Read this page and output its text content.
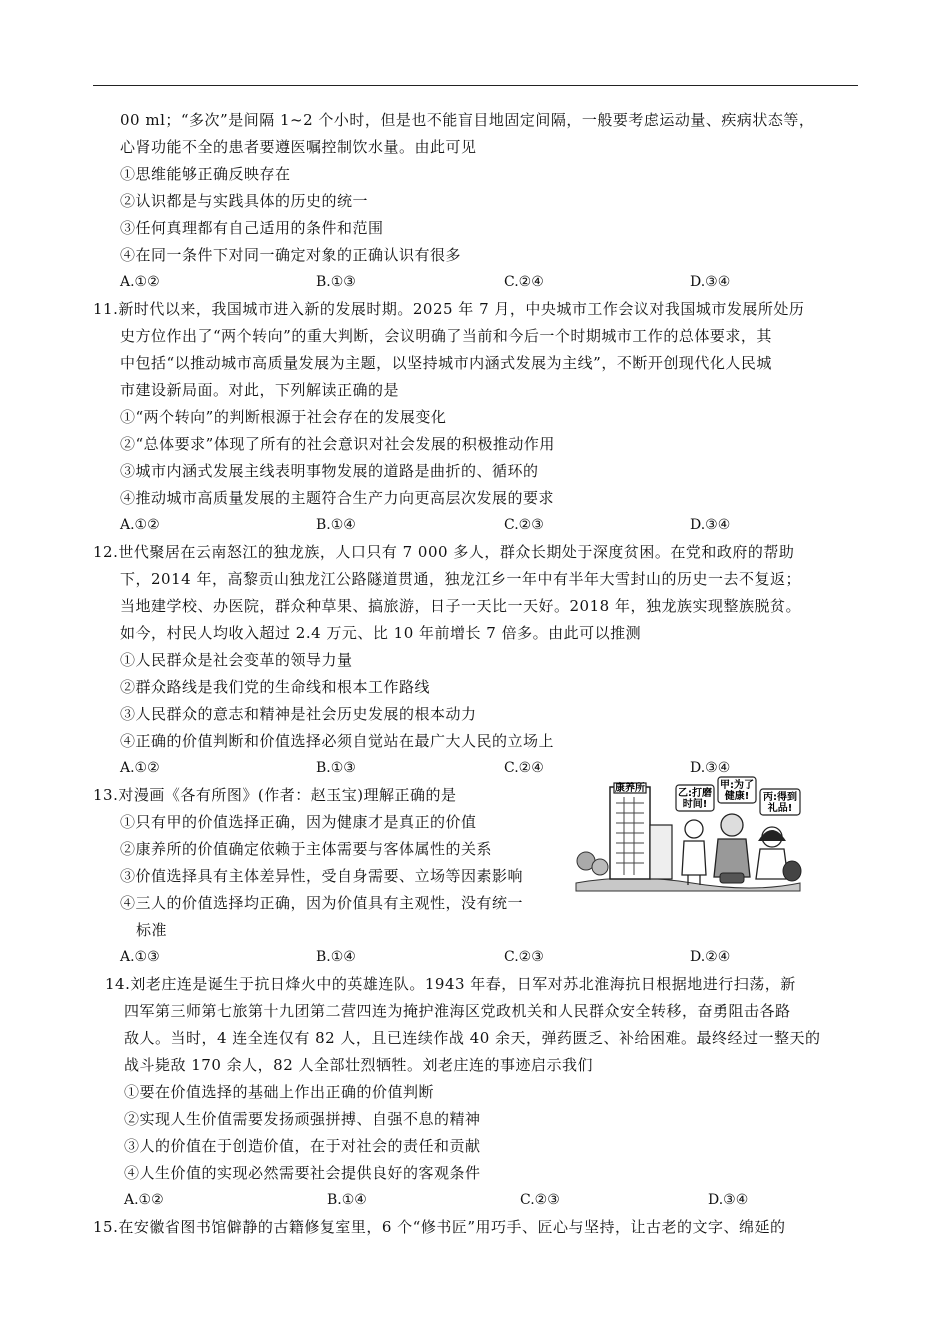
00 ml；“多次”是间隔 1~2 个小时，但是也不能盲目地固定间隔，一般要考虑运动量、疾病状态等，
心肾功能不全的患者要遵医嘱控制饮水量。由此可见
①思维能够正确反映存在
②认识都是与实践具体的历史的统一
③任何真理都有自己适用的条件和范围
④在同一条件下对同一确定对象的正确认识有很多
A.①②	B.①③	C.②④	D.③④
11.新时代以来，我国城市进入新的发展时期。2025 年 7 月，中央城市工作会议对我国城市发展所处历
史方位作出了“两个转向”的重大判断，会议明确了当前和今后一个时期城市工作的总体要求，其
中包括“以推动城市高质量发展为主题，以坚持城市内涵式发展为主线”，不断开创现代化人民城
市建设新局面。对此，下列解读正确的是
①“两个转向”的判断根源于社会存在的发展变化
②“总体要求”体现了所有的社会意识对社会发展的积极推动作用
③城市内涵式发展主线表明事物发展的道路是曲折的、循环的
④推动城市高质量发展的主题符合生产力向更高层次发展的要求
A.①②	B.①④	C.②③	D.③④
12.世代聚居在云南怒江的独龙族，人口只有 7 000 多人，群众长期处于深度贫困。在党和政府的帮助
下，2014 年，高黎贡山独龙江公路隧道贯通，独龙江乡一年中有半年大雪封山的历史一去不复返；
当地建学校、办医院，群众种草果、搞旅游，日子一天比一天好。2018 年，独龙族实现整族脱贫。
如今，村民人均收入超过 2.4 万元、比 10 年前增长 7 倍多。由此可以推测
①人民群众是社会变革的领导力量
②群众路线是我们党的生命线和根本工作路线
③人民群众的意志和精神是社会历史发展的根本动力
④正确的价值判断和价值选择必须自觉站在最广大人民的立场上
A.①②	B.①③	C.②④	D.③④
13.对漫画《各有所图》(作者：赵玉宝)理解正确的是
①只有甲的价值选择正确，因为健康才是真正的价值
②康养所的价值确定依赖于主体需要与客体属性的关系
③价值选择具有主体差异性，受自身需要、立场等因素影响
④三人的价值选择均正确，因为价值具有主观性，没有统一
标准
A.①③	B.①④	C.②③	D.②④
康养所	乙:打磨
时间!
甲:为了
健康! 丙:得到
礼品!
14.刘老庄连是诞生于抗日烽火中的英雄连队。1943 年春，日军对苏北淮海抗日根据地进行扫荡，新
四军第三师第七旅第十九团第二营四连为掩护淮海区党政机关和人民群众安全转移，奋勇阻击各路
敌人。当时，4 连全连仅有 82 人，且已连续作战 40 余天，弹药匮乏、补给困难。最终经过一整天的
战斗毙敌 170 余人，82 人全部壮烈牺牲。刘老庄连的事迹启示我们
①要在价值选择的基础上作出正确的价值判断
②实现人生价值需要发扬顽强拼搏、自强不息的精神
③人的价值在于创造价值，在于对社会的责任和贡献
④人生价值的实现必然需要社会提供良好的客观条件
A.①②	B.①④	C.②③	D.③④
15.在安徽省图书馆僻静的古籍修复室里，6 个“修书匠”用巧手、匠心与坚持，让古老的文字、绵延的
